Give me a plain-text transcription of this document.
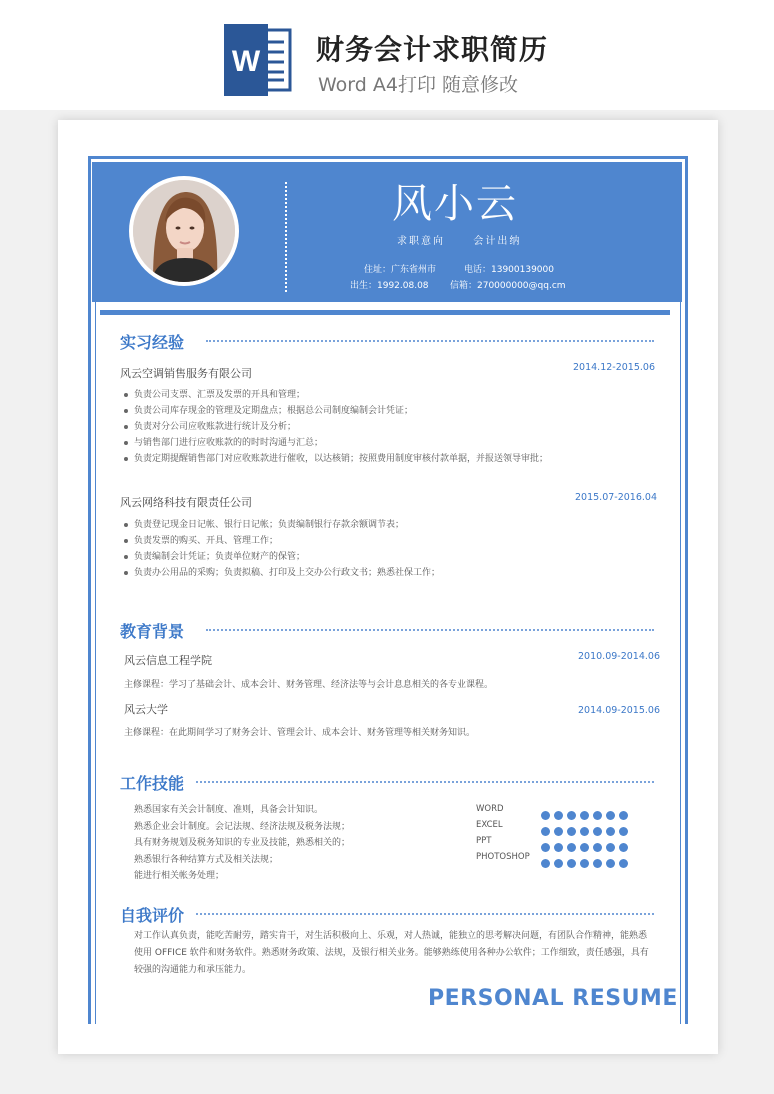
W 财务会计求职简历
Word A4打印 随意修改
风小云
求职意向	会计出纳
住址：广东省州市	电话：13900139000
出生：1992.08.08 信箱：270000000@qq.cm
实习经验
风云空调销售服务有限公司	2014.12-2015.06
负责公司支票、汇票及发票的开具和管理；
负责公司库存现金的管理及定期盘点；根据总公司制度编制会计凭证；
负责对分公司应收账款进行统计及分析；
与销售部门进行应收账款的的时时沟通与汇总；
负责定期提醒销售部门对应收账款进行催收，以达核销；按照费用制度审核付款单据，并报送领导审批；
风云网络科技有限责任公司	2015.07-2016.04
负责登记现金日记帐、银行日记帐；负责编制银行存款余额调节表；
负责发票的购买、开具、管理工作；
负责编制会计凭证；负责单位财产的保管；
负责办公用品的采购；负责拟稿、打印及上交办公行政文书；熟悉社保工作；
教育背景
风云信息工程学院	2010.09-2014.06
主修课程：学习了基础会计、成本会计、财务管理、经济法等与会计息息相关的各专业课程。
风云大学	2014.09-2015.06
主修课程：在此期间学习了财务会计、管理会计、成本会计、财务管理等相关财务知识。
工作技能
熟悉国家有关会计制度、准则，具备会计知识。
熟悉企业会计制度。会记法规、经济法规及税务法规；
具有财务规划及税务知识的专业及技能，熟悉相关的；
熟悉银行各种结算方式及相关法规；
能进行相关帐务处理；
WORD
EXCEL
PPT
PHOTOSHOP
自我评价
对工作认真负责，能吃苦耐劳，踏实肯干，对生活积极向上、乐观，对人热诚，能独立的思考解决问题，有团队合作精神，能熟悉使用 OFFICE 软件和财务软件。熟悉财务政策、法规，及银行相关业务。能够熟练使用各种办公软件；工作细致，责任感强，具有较强的沟通能力和承压能力。
PERSONAL RESUME
